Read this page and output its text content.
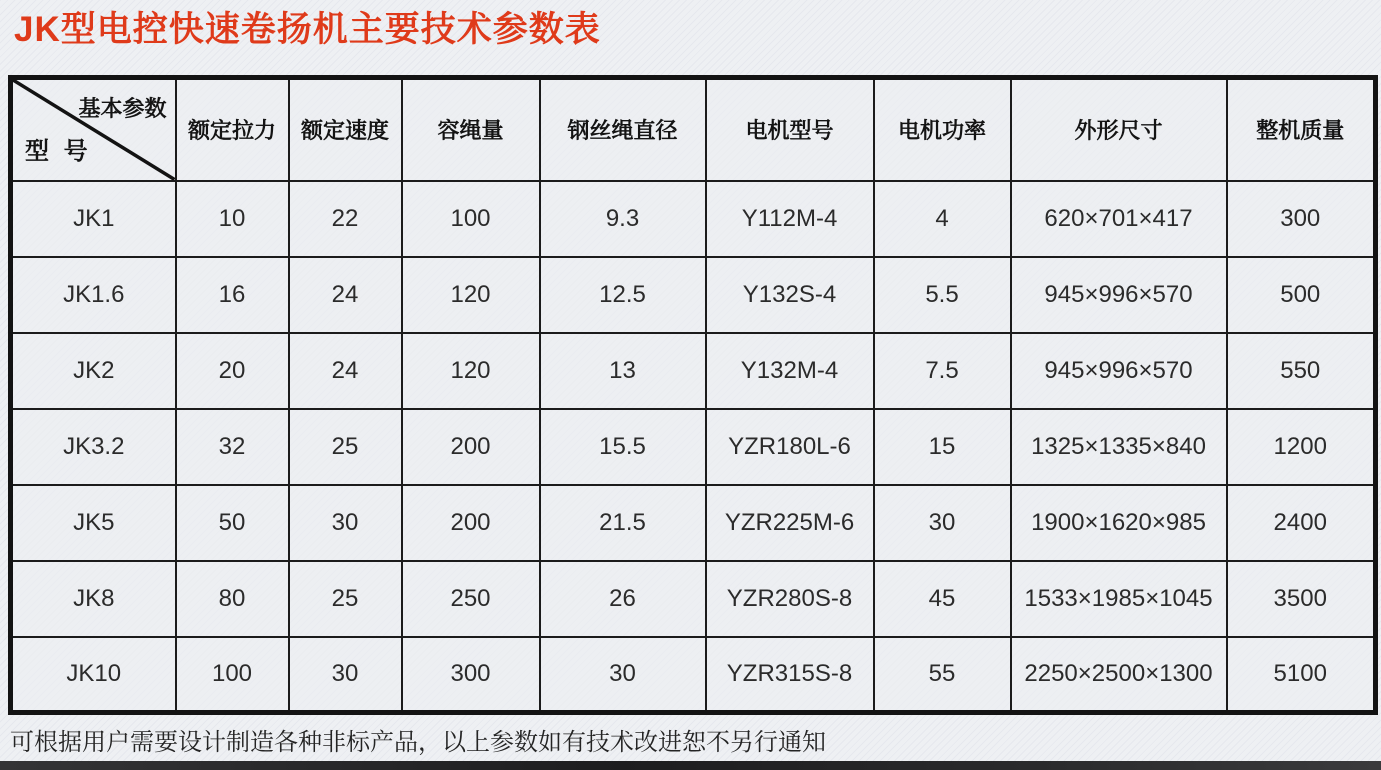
JK型电控快速卷扬机主要技术参数表
基本参数
型 号	额定拉力	额定速度	容绳量	钢丝绳直径	电机型号	电机功率	外形尺寸	整机质量
JK1	10	22	100	9.3	Y112M-4	4	620×701×417	300
JK1.6	16	24	120	12.5	Y132S-4	5.5	945×996×570	500
JK2	20	24	120	13	Y132M-4	7.5	945×996×570	550
JK3.2	32	25	200	15.5	YZR180L-6	15	1325×1335×840	1200
JK5	50	30	200	21.5	YZR225M-6	30	1900×1620×985	2400
JK8	80	25	250	26	YZR280S-8	45	1533×1985×1045	3500
JK10	100	30	300	30	YZR315S-8	55	2250×2500×1300	5100

可根据用户需要设计制造各种非标产品，以上参数如有技术改进恕不另行通知
